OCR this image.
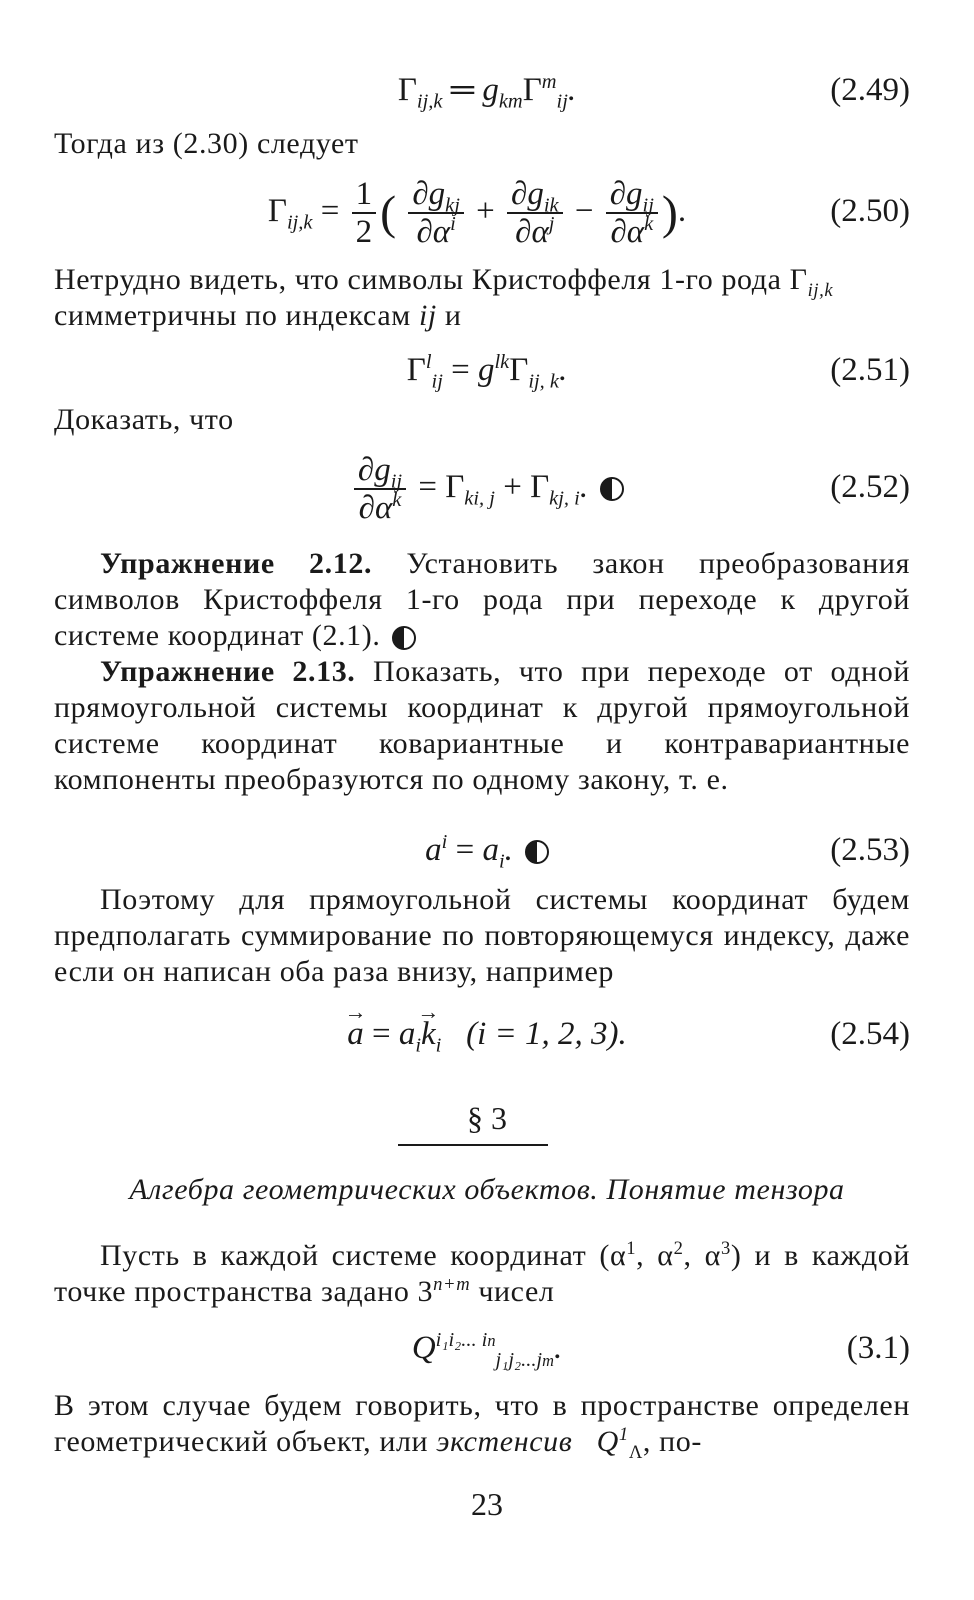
$\Gamma_{ij,k}$ ═ $g_{km}\Gamma^m_{ij}$.	(2.49)
Тогда из (2.30) следует
$\Gamma_{ij,k} = \frac{1}{2}$ ( $\frac{\partial g_{kj}}{\partial\alpha^i} + \frac{\partial g_{ik}}{\partial\alpha^j} - \frac{\partial g_{ij}}{\partial\alpha^k}$ ).	(2.50)
Нетрудно видеть, что символы Кристоффеля 1-го рода $\Gamma_{ij,k}$
симметричны по индексам ij и
$\Gamma^l_{ij} = g^{lk}\Gamma_{ij, k}$.	(2.51)
Доказать, что
$\frac{\partial g_{ij}}{\partial\alpha^k} = \Gamma_{ki, j} + \Gamma_{kj, i}$.	(2.52)
Упражнение 2.12. Установить закон преобразования символов Кристоффеля 1-го рода при переходе к другой системе координат (2.1).
Упражнение 2.13. Показать, что при переходе от одной прямоугольной системы координат к другой прямоугольной системе координат ковариантные и контравариантные компоненты преобразуются по одному закону, т. е.
$a^i = a_i$.	(2.53)
Поэтому для прямоугольной системы координат будем предполагать суммирование по повторяющемуся индексу, даже если он написан оба раза внизу, например
→ $a = a_i\to k_i$ (i = 1, 2, 3).	(2.54)
§ 3
Алгебра геометрических объектов. Понятие тензора
Пусть в каждой системе координат ($\alpha^1$, $\alpha^2$, $\alpha^3$) и в каждой точке пространства задано $3^{n+m}$ чисел
$Q^{i_1i_2... in}_{j_1j_2...jm}$.	(3.1)
В этом случае будем говорить, что в пространстве определен геометрический объект, или экстенсив $Q^1_\Lambda$, по-
23
